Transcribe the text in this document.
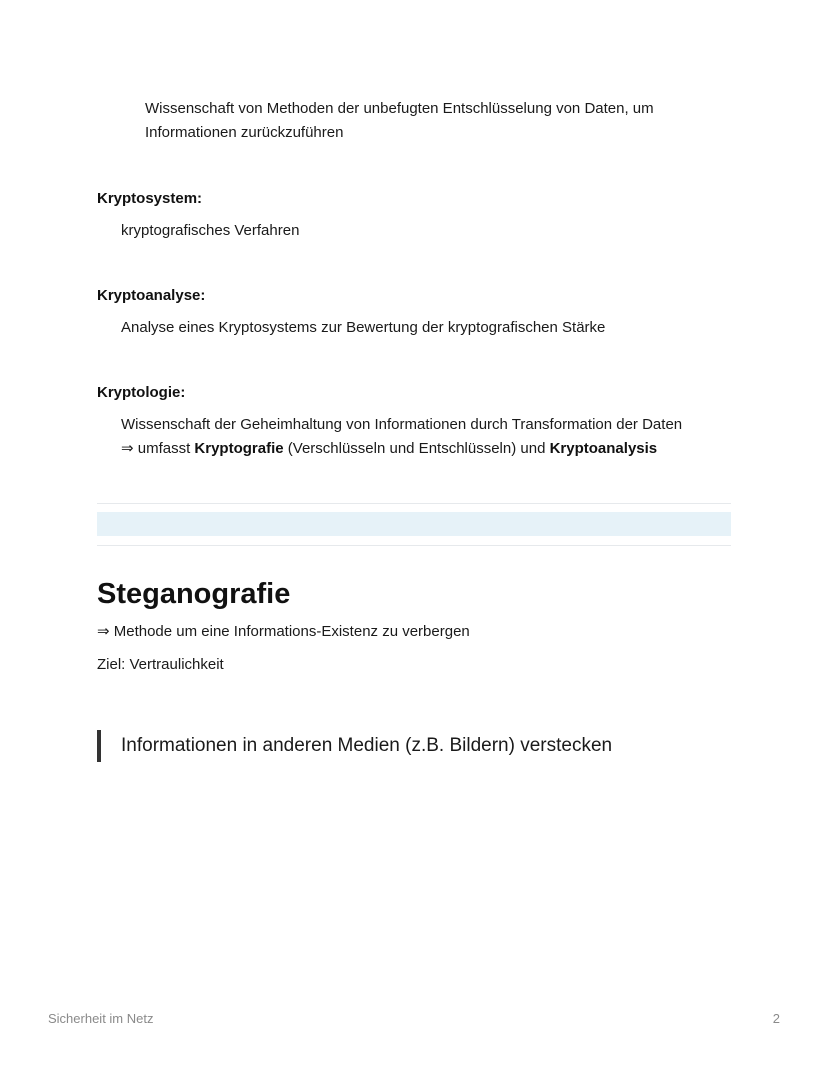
Wissenschaft von Methoden der unbefugten Entschlüsselung von Daten, um
Informationen zurückzuführen
Kryptosystem:
kryptografisches Verfahren
Kryptoanalyse:
Analyse eines Kryptosystems zur Bewertung der kryptografischen Stärke
Kryptologie:
Wissenschaft der Geheimhaltung von Informationen durch Transformation der Daten
⇒ umfasst Kryptografie (Verschlüsseln und Entschlüsseln) und Kryptoanalysis
Steganografie
⇒ Methode um eine Informations-Existenz zu verbergen
Ziel: Vertraulichkeit
Informationen in anderen Medien (z.B. Bildern) verstecken
Sicherheit im Netz	2
